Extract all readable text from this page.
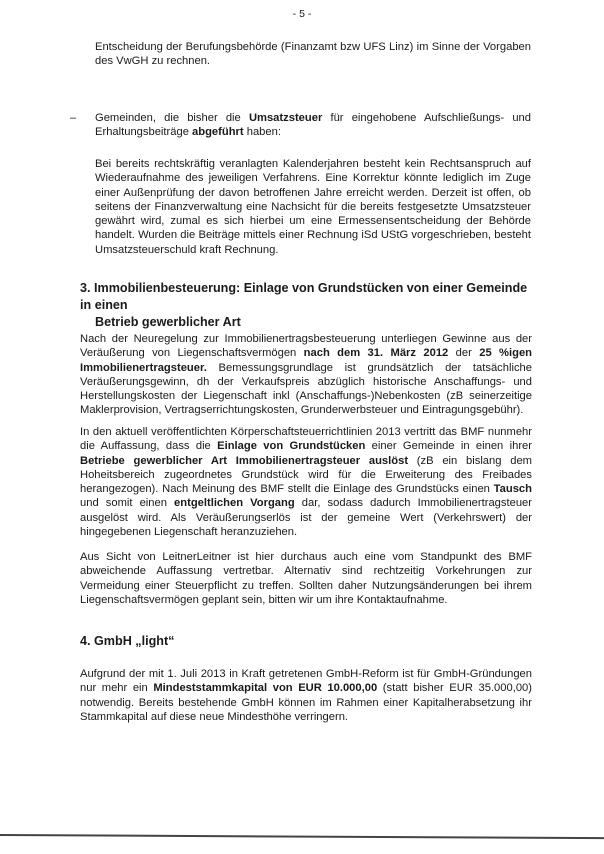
- 5 -

Entscheidung der Berufungsbehörde (Finanzamt bzw UFS Linz) im Sinne der Vorgaben des VwGH zu rechnen.

– Gemeinden, die bisher die Umsatzsteuer für eingehobene Aufschließungs- und Erhaltungsbeiträge abgeführt haben:

Bei bereits rechtskräftig veranlagten Kalenderjahren besteht kein Rechtsanspruch auf Wiederaufnahme des jeweiligen Verfahrens. Eine Korrektur könnte lediglich im Zuge einer Außenprüfung der davon betroffenen Jahre erreicht werden. Derzeit ist offen, ob seitens der Finanzverwaltung eine Nachsicht für die bereits festgesetzte Umsatzsteuer gewährt wird, zumal es sich hierbei um eine Ermessensentscheidung der Behörde handelt. Wurden die Beiträge mittels einer Rechnung iSd UStG vorgeschrieben, besteht Umsatzsteuerschuld kraft Rechnung.

3. Immobilienbesteuerung: Einlage von Grundstücken von einer Gemeinde in einen
Betrieb gewerblicher Art

Nach der Neuregelung zur Immobilienertragsbesteuerung unterliegen Gewinne aus der Veräußerung von Liegenschaftsvermögen nach dem 31. März 2012 der 25 %igen Immobilienertragsteuer. Bemessungsgrundlage ist grundsätzlich der tatsächliche Veräußerungsgewinn, dh der Verkaufspreis abzüglich historische Anschaffungs- und Herstellungskosten der Liegenschaft inkl (Anschaffungs-)Nebenkosten (zB seinerzeitige Maklerprovision, Vertragserrichtungskosten, Grunderwerbsteuer und Eintragungsgebühr).

In den aktuell veröffentlichten Körperschaftsteuerrichtlinien 2013 vertritt das BMF nunmehr die Auffassung, dass die Einlage von Grundstücken einer Gemeinde in einen ihrer Betriebe gewerblicher Art Immobilienertragsteuer auslöst (zB ein bislang dem Hoheitsbereich zugeordnetes Grundstück wird für die Erweiterung des Freibades herangezogen). Nach Meinung des BMF stellt die Einlage des Grundstücks einen Tausch und somit einen entgeltlichen Vorgang dar, sodass dadurch Immobilienertragsteuer ausgelöst wird. Als Veräußerungserlös ist der gemeine Wert (Verkehrswert) der hingegebenen Liegenschaft heranzuziehen.

Aus Sicht von LeitnerLeitner ist hier durchaus auch eine vom Standpunkt des BMF abweichende Auffassung vertretbar. Alternativ sind rechtzeitig Vorkehrungen zur Vermeidung einer Steuerpflicht zu treffen. Sollten daher Nutzungsänderungen bei ihrem Liegenschaftsvermögen geplant sein, bitten wir um ihre Kontaktaufnahme.

4. GmbH „light“

Aufgrund der mit 1. Juli 2013 in Kraft getretenen GmbH-Reform ist für GmbH-Gründungen nur mehr ein Mindeststammkapital von EUR 10.000,00 (statt bisher EUR 35.000,00) notwendig. Bereits bestehende GmbH können im Rahmen einer Kapitalherabsetzung ihr Stammkapital auf diese neue Mindesthöhe verringern.
